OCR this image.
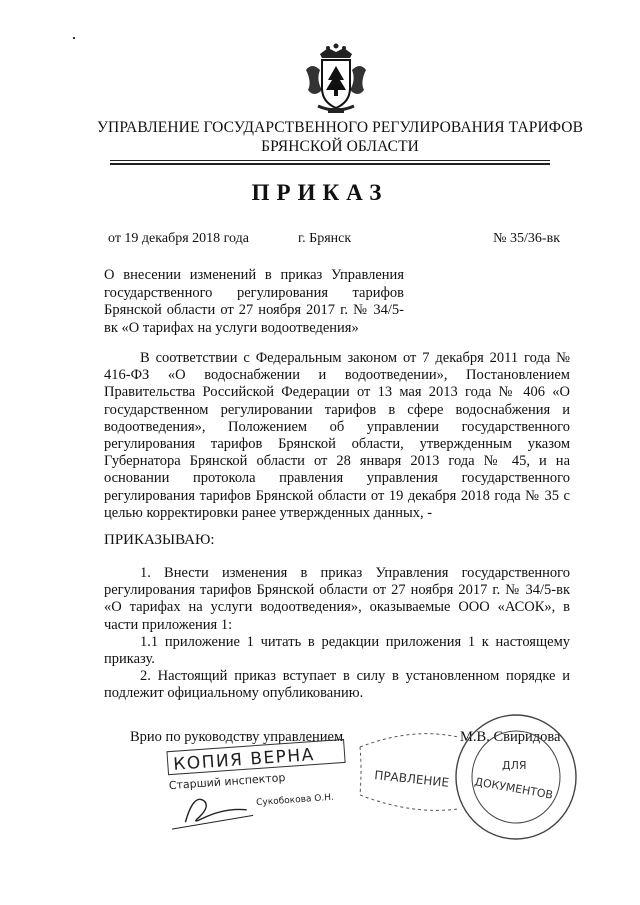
УПРАВЛЕНИЕ ГОСУДАРСТВЕННОГО РЕГУЛИРОВАНИЯ ТАРИФОВ
БРЯНСКОЙ ОБЛАСТИ
ПРИКАЗ
от 19 декабря 2018 года	г. Брянск	№ 35/36-вк
О внесении изменений в приказ Управления
государственного регулирования тарифов
Брянской области от 27 ноября 2017 г. № 34/5-
вк «О тарифах на услуги водоотведения»
В соответствии с Федеральным законом от 7 декабря 2011 года №
416-ФЗ «О водоснабжении и водоотведении», Постановлением
Правительства Российской Федерации от 13 мая 2013 года № 406 «О
государственном регулировании тарифов в сфере водоснабжения и
водоотведения», Положением об управлении государственного
регулирования тарифов Брянской области, утвержденным указом
Губернатора Брянской области от 28 января 2013 года № 45, и на
основании протокола правления управления государственного
регулирования тарифов Брянской области от 19 декабря 2018 года № 35 с
целью корректировки ранее утвержденных данных, -
ПРИКАЗЫВАЮ:
1. Внести изменения в приказ Управления государственного
регулирования тарифов Брянской области от 27 ноября 2017 г. № 34/5-вк
«О тарифах на услуги водоотведения», оказываемые ООО «АСОК», в
части приложения 1:
1.1 приложение 1 читать в редакции приложения 1 к настоящему
приказу.
2. Настоящий приказ вступает в силу в установленном порядке и
подлежит официальному опубликованию.
Врио по руководству управлением	М.В. Свиридова
КОПИЯ ВЕРНА
Старший инспектор
Сукобокова О.Н.
ПРАВЛЕНИЕ
ДЛЯ
ДОКУМЕНТОВ
